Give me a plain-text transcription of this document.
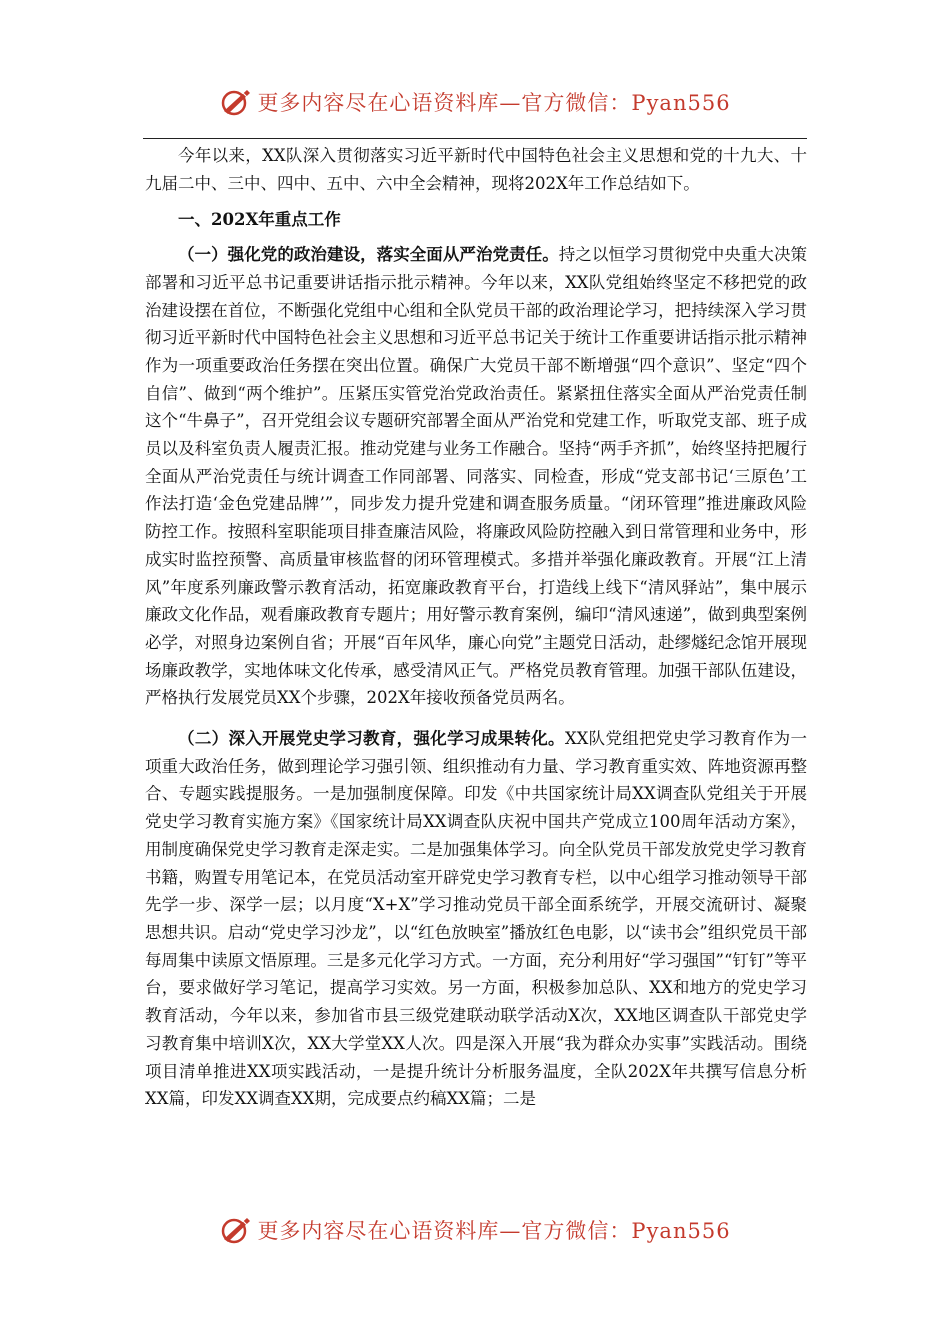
更多内容尽在心语资料库—官方微信：Pyan556

今年以来，XX队深入贯彻落实习近平新时代中国特色社会主义思想和党的十九大、十九届二中、三中、四中、五中、六中全会精神，现将202X年工作总结如下。

一、202X年重点工作

（一）强化党的政治建设，落实全面从严治党责任。持之以恒学习贯彻党中央重大决策部署和习近平总书记重要讲话指示批示精神。今年以来，XX队党组始终坚定不移把党的政治建设摆在首位，不断强化党组中心组和全队党员干部的政治理论学习，把持续深入学习贯彻习近平新时代中国特色社会主义思想和习近平总书记关于统计工作重要讲话指示批示精神作为一项重要政治任务摆在突出位置。确保广大党员干部不断增强“四个意识”、坚定“四个自信”、做到“两个维护”。压紧压实管党治党政治责任。紧紧扭住落实全面从严治党责任制这个“牛鼻子”，召开党组会议专题研究部署全面从严治党和党建工作，听取党支部、班子成员以及科室负责人履责汇报。推动党建与业务工作融合。坚持“两手齐抓”，始终坚持把履行全面从严治党责任与统计调查工作同部署、同落实、同检查，形成“党支部书记‘三原色’工作法打造‘金色党建品牌’”，同步发力提升党建和调查服务质量。“闭环管理”推进廉政风险防控工作。按照科室职能项目排查廉洁风险，将廉政风险防控融入到日常管理和业务中，形成实时监控预警、高质量审核监督的闭环管理模式。多措并举强化廉政教育。开展“江上清风”年度系列廉政警示教育活动，拓宽廉政教育平台，打造线上线下“清风驿站”，集中展示廉政文化作品，观看廉政教育专题片；用好警示教育案例，编印“清风速递”，做到典型案例必学，对照身边案例自省；开展“百年风华，廉心向党”主题党日活动，赴缪燧纪念馆开展现场廉政教学，实地体味文化传承，感受清风正气。严格党员教育管理。加强干部队伍建设，严格执行发展党员XX个步骤，202X年接收预备党员两名。

（二）深入开展党史学习教育，强化学习成果转化。XX队党组把党史学习教育作为一项重大政治任务，做到理论学习强引领、组织推动有力量、学习教育重实效、阵地资源再整合、专题实践提服务。一是加强制度保障。印发《中共国家统计局XX调查队党组关于开展党史学习教育实施方案》《国家统计局XX调查队庆祝中国共产党成立100周年活动方案》，用制度确保党史学习教育走深走实。二是加强集体学习。向全队党员干部发放党史学习教育书籍，购置专用笔记本，在党员活动室开辟党史学习教育专栏，以中心组学习推动领导干部先学一步、深学一层；以月度“X+X”学习推动党员干部全面系统学，开展交流研讨、凝聚思想共识。启动“党史学习沙龙”，以“红色放映室”播放红色电影，以“读书会”组织党员干部每周集中读原文悟原理。三是多元化学习方式。一方面，充分利用好“学习强国”“钉钉”等平台，要求做好学习笔记，提高学习实效。另一方面，积极参加总队、XX和地方的党史学习教育活动，今年以来，参加省市县三级党建联动联学活动X次，XX地区调查队干部党史学习教育集中培训X次，XX大学堂XX人次。四是深入开展“我为群众办实事”实践活动。围绕项目清单推进XX项实践活动，一是提升统计分析服务温度，全队202X年共撰写信息分析XX篇，印发XX调查XX期，完成要点约稿XX篇；二是

更多内容尽在心语资料库—官方微信：Pyan556
